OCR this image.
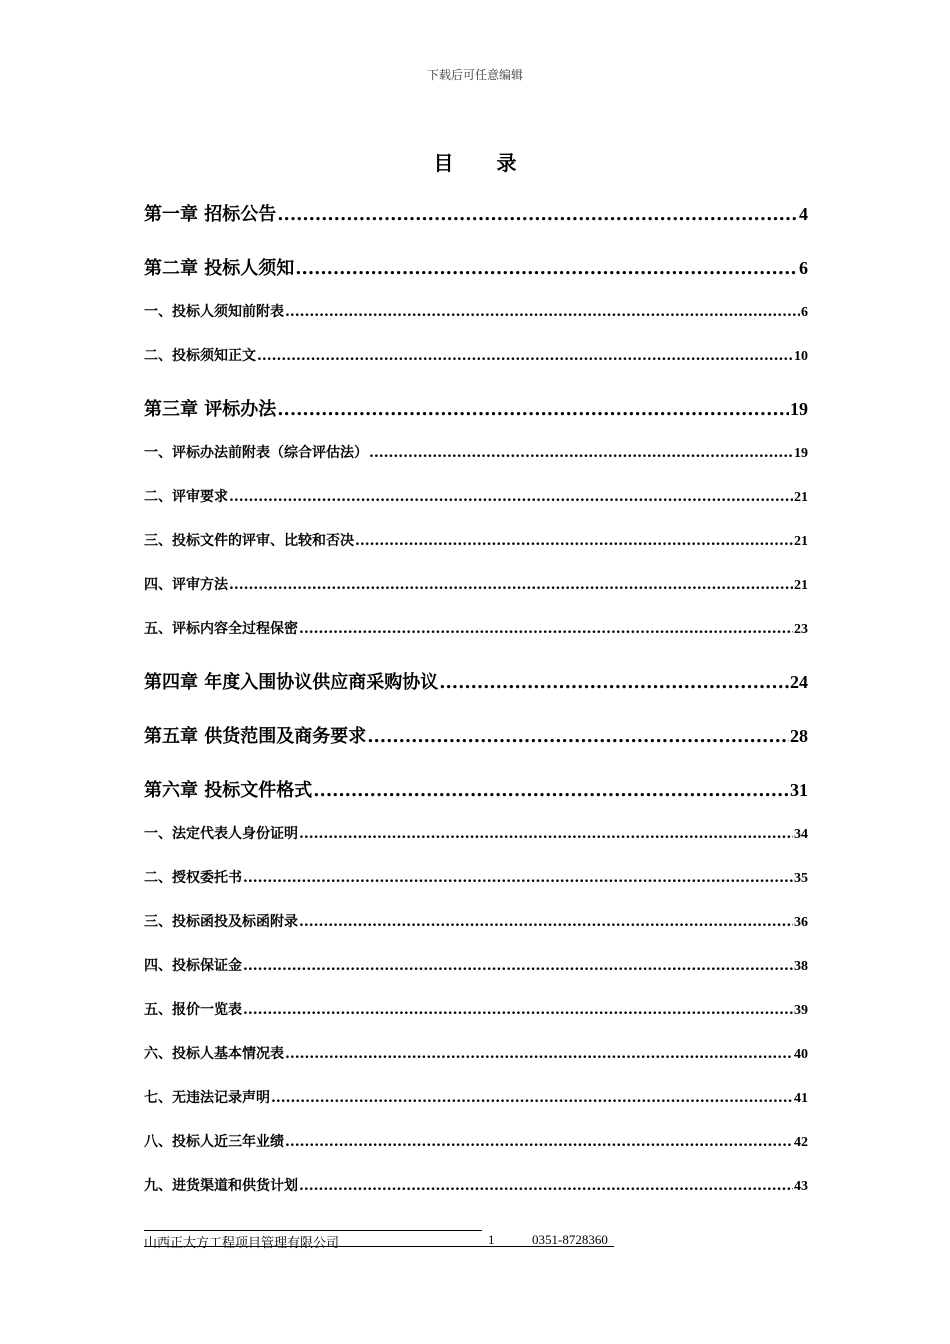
下载后可任意编辑
目 录
第一章 招标公告 .....	4
第二章 投标人须知 .....	6
一、投标人须知前附表 .....	6
二、投标须知正文 .....	10
第三章 评标办法 .....	19
一、评标办法前附表（综合评估法） .....	19
二、评审要求 .....	21
三、投标文件的评审、比较和否决 .....	21
四、评审方法 .....	21
五、评标内容全过程保密 .....	23
第四章 年度入围协议供应商采购协议 .....	24
第五章 供货范围及商务要求 .....	28
第六章 投标文件格式 .....	31
一、法定代表人身份证明 .....	34
二、授权委托书 .....	35
三、投标函投及标函附录 .....	36
四、投标保证金 .....	38
五、报价一览表 .....	39
六、投标人基本情况表 .....	40
七、无违法记录声明 .....	41
八、投标人近三年业绩 .....	42
九、进货渠道和供货计划 .....	43
山西正大方工程项目管理有限公司	1	0351-8728360
